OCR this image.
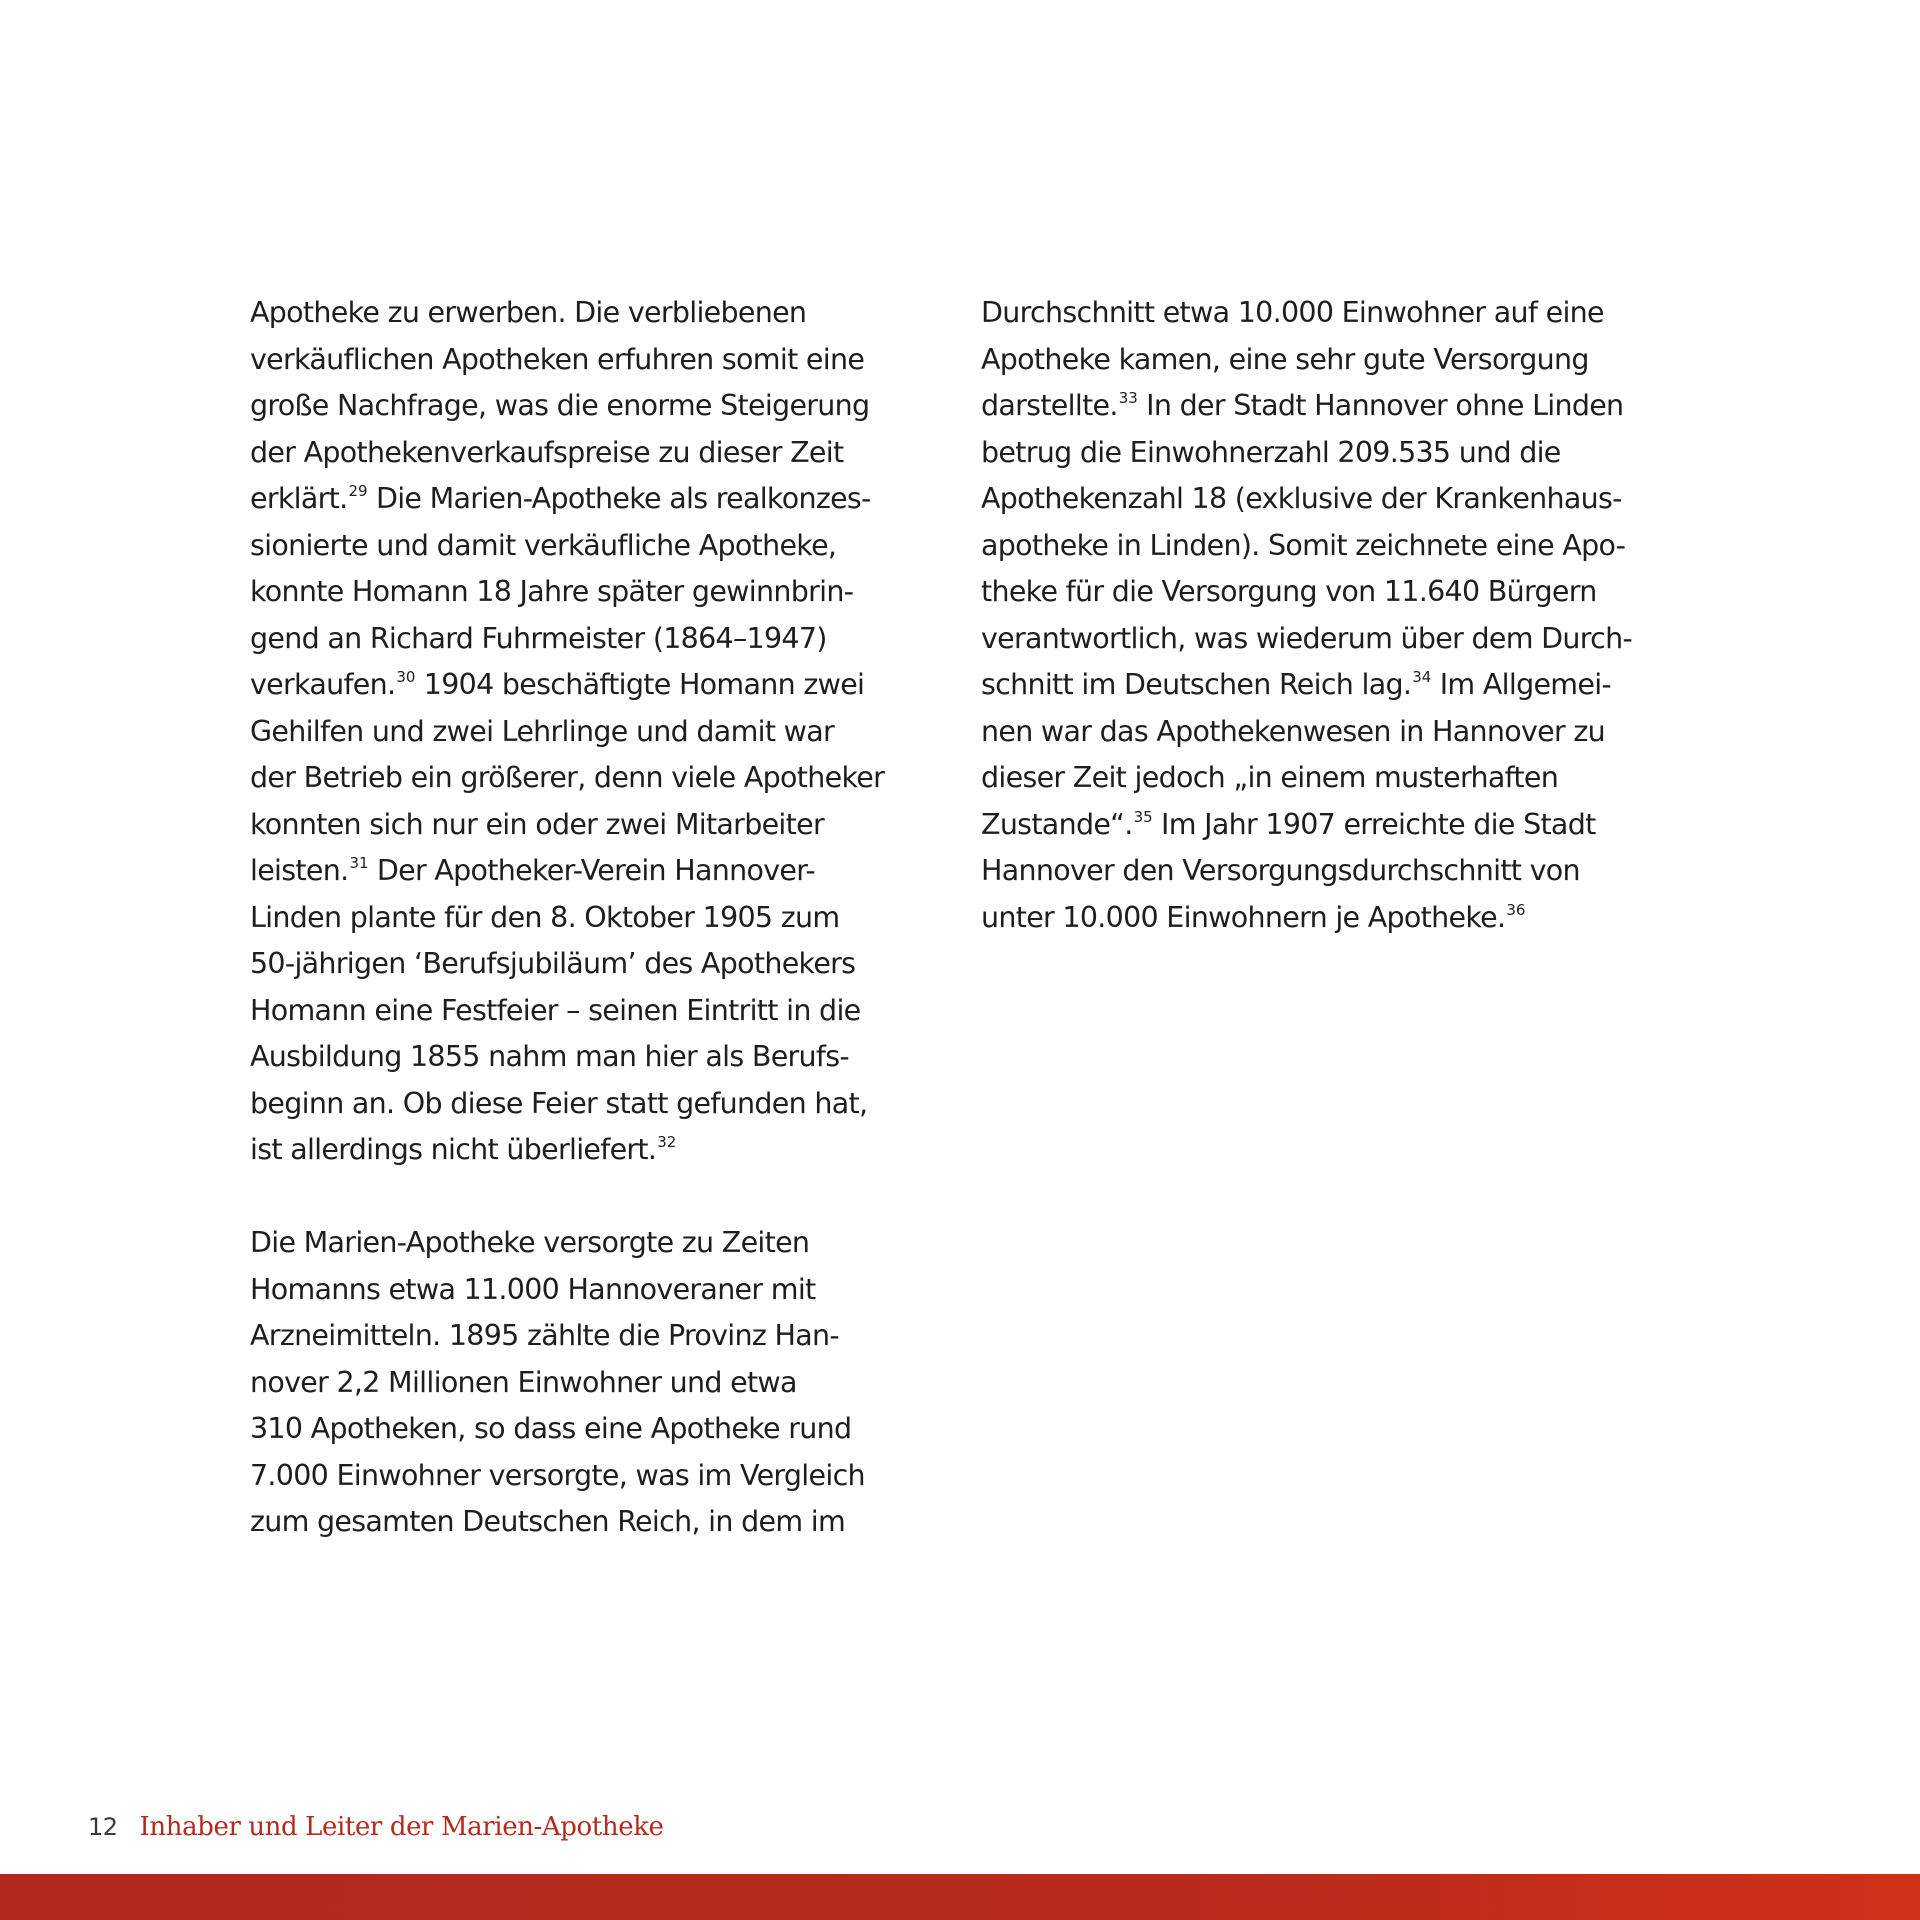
Apotheke zu erwerben. Die verbliebenen
verkäuflichen Apotheken erfuhren somit eine
große Nachfrage, was die enorme Steigerung
der Apothekenverkaufspreise zu dieser Zeit
erklärt.$^{29}$ Die Marien-Apotheke als realkonzes-
sionierte und damit verkäufliche Apotheke,
konnte Homann 18 Jahre später gewinnbrin-
gend an Richard Fuhrmeister (1864–1947)
verkaufen.$^{30}$ 1904 beschäftigte Homann zwei
Gehilfen und zwei Lehrlinge und damit war
der Betrieb ein größerer, denn viele Apotheker
konnten sich nur ein oder zwei Mitarbeiter
leisten.$^{31}$ Der Apotheker-Verein Hannover-
Linden plante für den 8. Oktober 1905 zum
50-jährigen ‘Berufsjubiläum’ des Apothekers
Homann eine Festfeier – seinen Eintritt in die
Ausbildung 1855 nahm man hier als Berufs-
beginn an. Ob diese Feier statt gefunden hat,
ist allerdings nicht überliefert.$^{32}$
Die Marien-Apotheke versorgte zu Zeiten
Homanns etwa 11.000 Hannoveraner mit
Arzneimitteln. 1895 zählte die Provinz Han-
nover 2,2 Millionen Einwohner und etwa
310 Apotheken, so dass eine Apotheke rund
7.000 Einwohner versorgte, was im Vergleich
zum gesamten Deutschen Reich, in dem im
Durchschnitt etwa 10.000 Einwohner auf eine
Apotheke kamen, eine sehr gute Versorgung
darstellte.$^{33}$ In der Stadt Hannover ohne Linden
betrug die Einwohnerzahl 209.535 und die
Apothekenzahl 18 (exklusive der Krankenhaus-
apotheke in Linden). Somit zeichnete eine Apo-
theke für die Versorgung von 11.640 Bürgern
verantwortlich, was wiederum über dem Durch-
schnitt im Deutschen Reich lag.$^{34}$ Im Allgemei-
nen war das Apothekenwesen in Hannover zu
dieser Zeit jedoch „in einem musterhaften
Zustande“.$^{35}$ Im Jahr 1907 erreichte die Stadt
Hannover den Versorgungsdurchschnitt von
unter 10.000 Einwohnern je Apotheke.$^{36}$
12 Inhaber und Leiter der Marien-Apotheke
